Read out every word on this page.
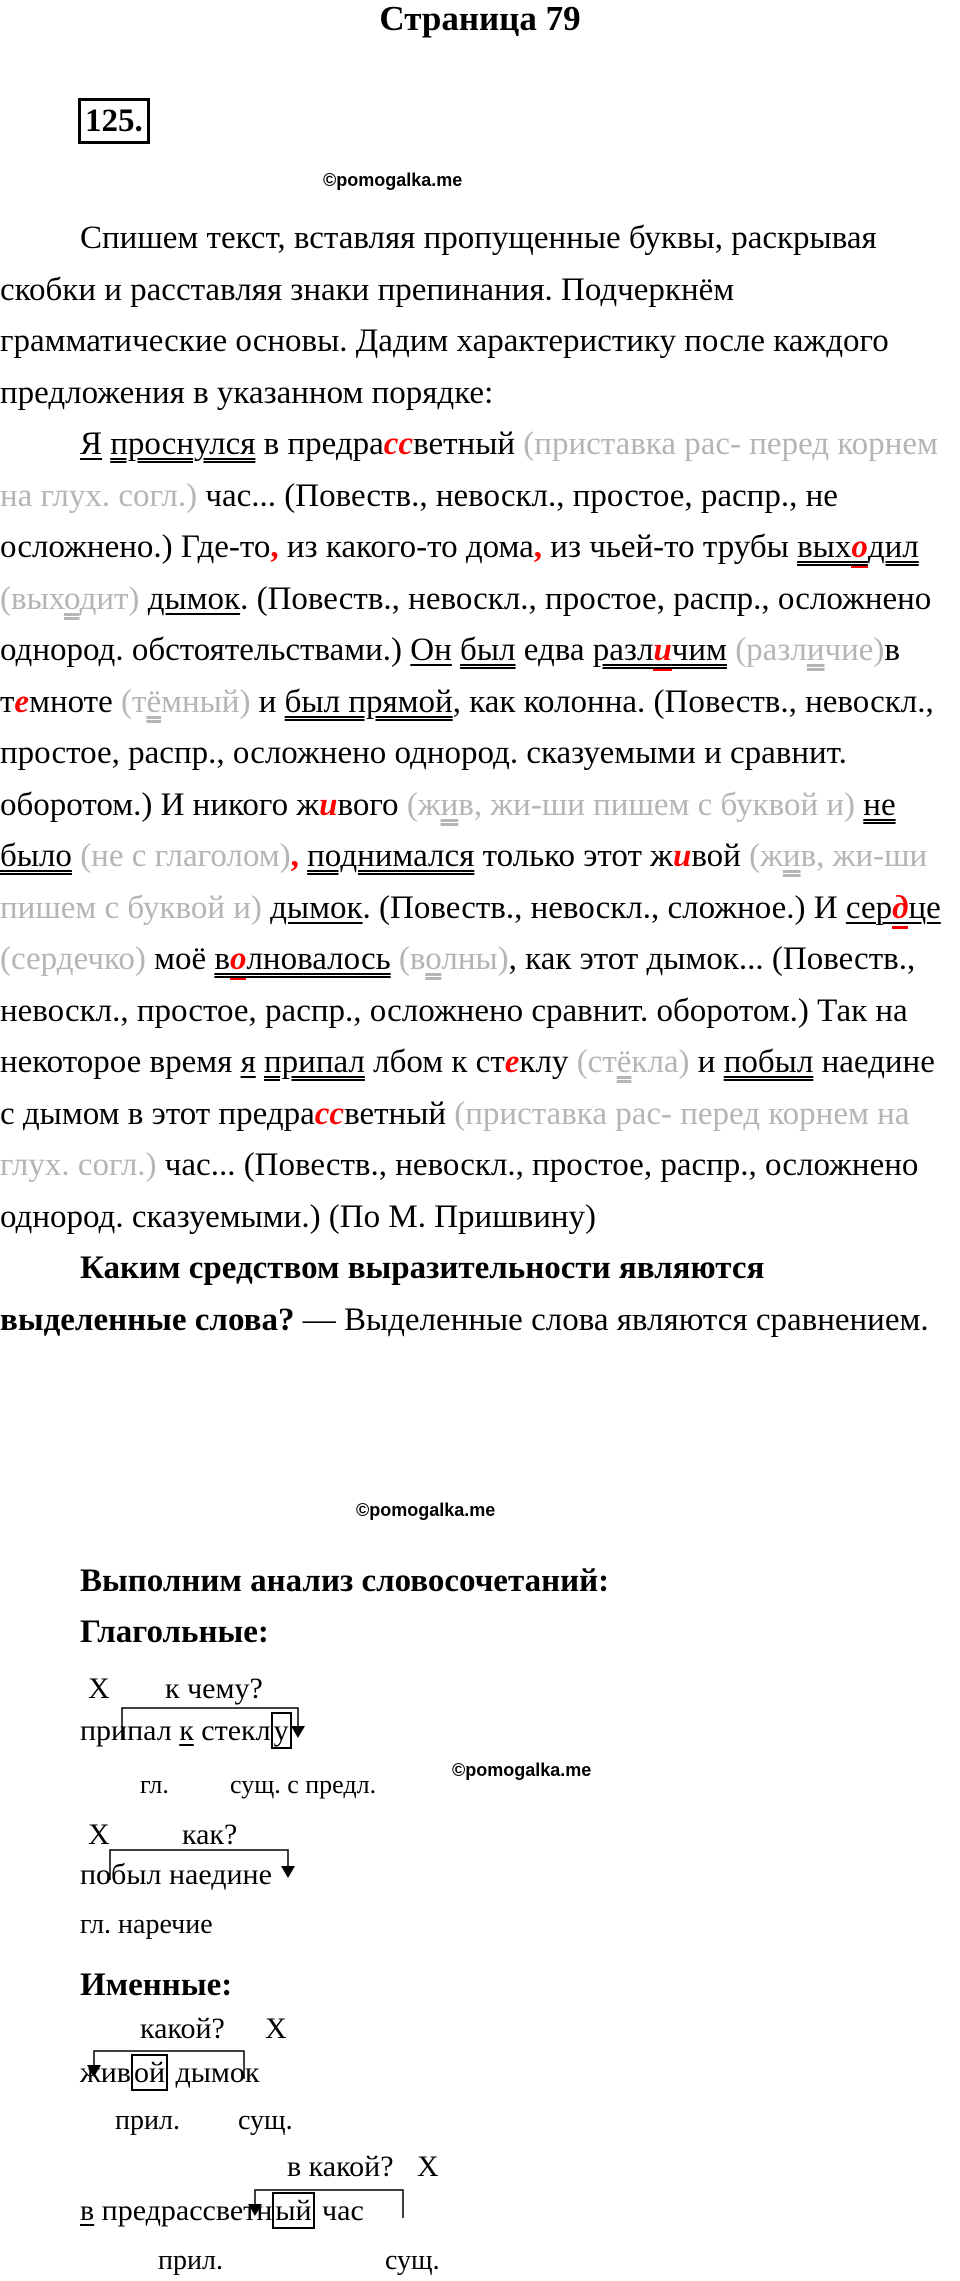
Страница 79
125.
©pomogalka.me

Спишем текст, вставляя пропущенные буквы, раскрывая скобки и расставляя знаки препинания. Подчеркнём грамматические основы. Дадим характеристику после каждого предложения в указанном порядке:

Я проснулся в предрассветный (приставка рас- перед корнем на глух. согл.) час... (Повеств., невоскл., простое, распр., не осложнено.) Где-то, из какого-то дома, из чьей-то трубы выходил (выходит) дымок. (Повеств., невоскл., простое, распр., осложнено однород. обстоятельствами.) Он был едва различим (различие)в темноте (тёмный) и был прямой, как колонна. (Повеств., невоскл., простое, распр., осложнено однород. сказуемыми и сравнит. оборотом.) И никого живого (жив, жи-ши пишем с буквой и) не было (не с глаголом), поднимался только этот живой (жив, жи-ши пишем с буквой и) дымок. (Повеств., невоскл., сложное.) И сердце (сердечко) моё волновалось (волны), как этот дымок... (Повеств., невоскл., простое, распр., осложнено сравнит. оборотом.) Так на некоторое время я припал лбом к стеклу (стёкла) и побыл наедине с дымом в этот предрассветный (приставка рас- перед корнем на глух. согл.) час... (Повеств., невоскл., простое, распр., осложнено однород. сказуемыми.) (По М. Пришвину)

Каким средством выразительности являются выделенные слова? — Выделенные слова являются сравнением.

©pomogalka.me
Выполним анализ словосочетаний:
Глагольные:
X к чему?
припал к стекл у
гл. сущ. с предл.	©pomogalka.me
X как?
побыл наедине
гл. наречие
Именные:
какой? X
жив ой дымок
прил. сущ.
в какой? X
в предрассветн ый час
прил.	сущ.
